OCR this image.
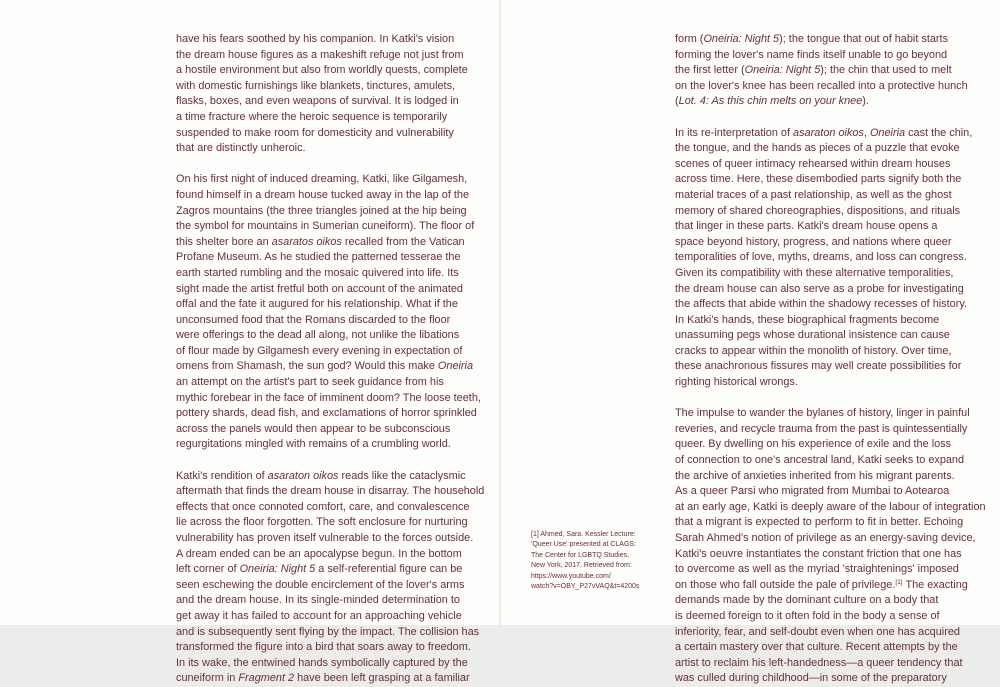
have his fears soothed by his companion. In Katki's vision
the dream house figures as a makeshift refuge not just from
a hostile environment but also from worldly quests, complete
with domestic furnishings like blankets, tinctures, amulets,
flasks, boxes, and even weapons of survival. It is lodged in
a time fracture where the heroic sequence is temporarily
suspended to make room for domesticity and vulnerability
that are distinctly unheroic.

On his first night of induced dreaming, Katki, like Gilgamesh,
found himself in a dream house tucked away in the lap of the
Zagros mountains (the three triangles joined at the hip being
the symbol for mountains in Sumerian cuneiform). The floor of
this shelter bore an asaratos oikos recalled from the Vatican
Profane Museum. As he studied the patterned tesserae the
earth started rumbling and the mosaic quivered into life. Its
sight made the artist fretful both on account of the animated
offal and the fate it augured for his relationship. What if the
unconsumed food that the Romans discarded to the floor
were offerings to the dead all along, not unlike the libations
of flour made by Gilgamesh every evening in expectation of
omens from Shamash, the sun god? Would this make Oneiria
an attempt on the artist's part to seek guidance from his
mythic forebear in the face of imminent doom? The loose teeth,
pottery shards, dead fish, and exclamations of horror sprinkled
across the panels would then appear to be subconscious
regurgitations mingled with remains of a crumbling world.

Katki's rendition of asaraton oikos reads like the cataclysmic
aftermath that finds the dream house in disarray. The household
effects that once connoted comfort, care, and convalescence
lie across the floor forgotten. The soft enclosure for nurturing
vulnerability has proven itself vulnerable to the forces outside.
A dream ended can be an apocalypse begun. In the bottom
left corner of Oneiria: Night 5 a self-referential figure can be
seen eschewing the double encirclement of the lover's arms
and the dream house. In its single-minded determination to
get away it has failed to account for an approaching vehicle
and is subsequently sent flying by the impact. The collision has
transformed the figure into a bird that soars away to freedom.
In its wake, the entwined hands symbolically captured by the
cuneiform in Fragment 2 have been left grasping at a familiar

[1] Ahmed, Sara. Kessler Lecture:
'Queer Use' presented at CLAGS:
The Center for LGBTQ Studies,
New York, 2017. Retrieved from:
https://www.youtube.com/
watch?v=OBY_P27vVAQ&t=4200s

form (Oneiria: Night 5); the tongue that out of habit starts
forming the lover's name finds itself unable to go beyond
the first letter (Oneiria: Night 5); the chin that used to melt
on the lover's knee has been recalled into a protective hunch
(Lot. 4: As this chin melts on your knee).

In its re-interpretation of asaraton oikos, Oneiria cast the chin,
the tongue, and the hands as pieces of a puzzle that evoke
scenes of queer intimacy rehearsed within dream houses
across time. Here, these disembodied parts signify both the
material traces of a past relationship, as well as the ghost
memory of shared choreographies, dispositions, and rituals
that linger in these parts. Katki's dream house opens a
space beyond history, progress, and nations where queer
temporalities of love, myths, dreams, and loss can congress.
Given its compatibility with these alternative temporalities,
the dream house can also serve as a probe for investigating
the affects that abide within the shadowy recesses of history.
In Katki's hands, these biographical fragments become
unassuming pegs whose durational insistence can cause
cracks to appear within the monolith of history. Over time,
these anachronous fissures may well create possibilities for
righting historical wrongs.

The impulse to wander the bylanes of history, linger in painful
reveries, and recycle trauma from the past is quintessentially
queer. By dwelling on his experience of exile and the loss
of connection to one's ancestral land, Katki seeks to expand
the archive of anxieties inherited from his migrant parents.
As a queer Parsi who migrated from Mumbai to Aotearoa
at an early age, Katki is deeply aware of the labour of integration
that a migrant is expected to perform to fit in better. Echoing
Sarah Ahmed's notion of privilege as an energy-saving device,
Katki's oeuvre instantiates the constant friction that one has
to overcome as well as the myriad 'straightenings' imposed
on those who fall outside the pale of privilege.[1] The exacting
demands made by the dominant culture on a body that
is deemed foreign to it often fold in the body a sense of
inferiority, fear, and self-doubt even when one has acquired
a certain mastery over that culture. Recent attempts by the
artist to reclaim his left-handedness—a queer tendency that
was culled during childhood—in some of the preparatory
